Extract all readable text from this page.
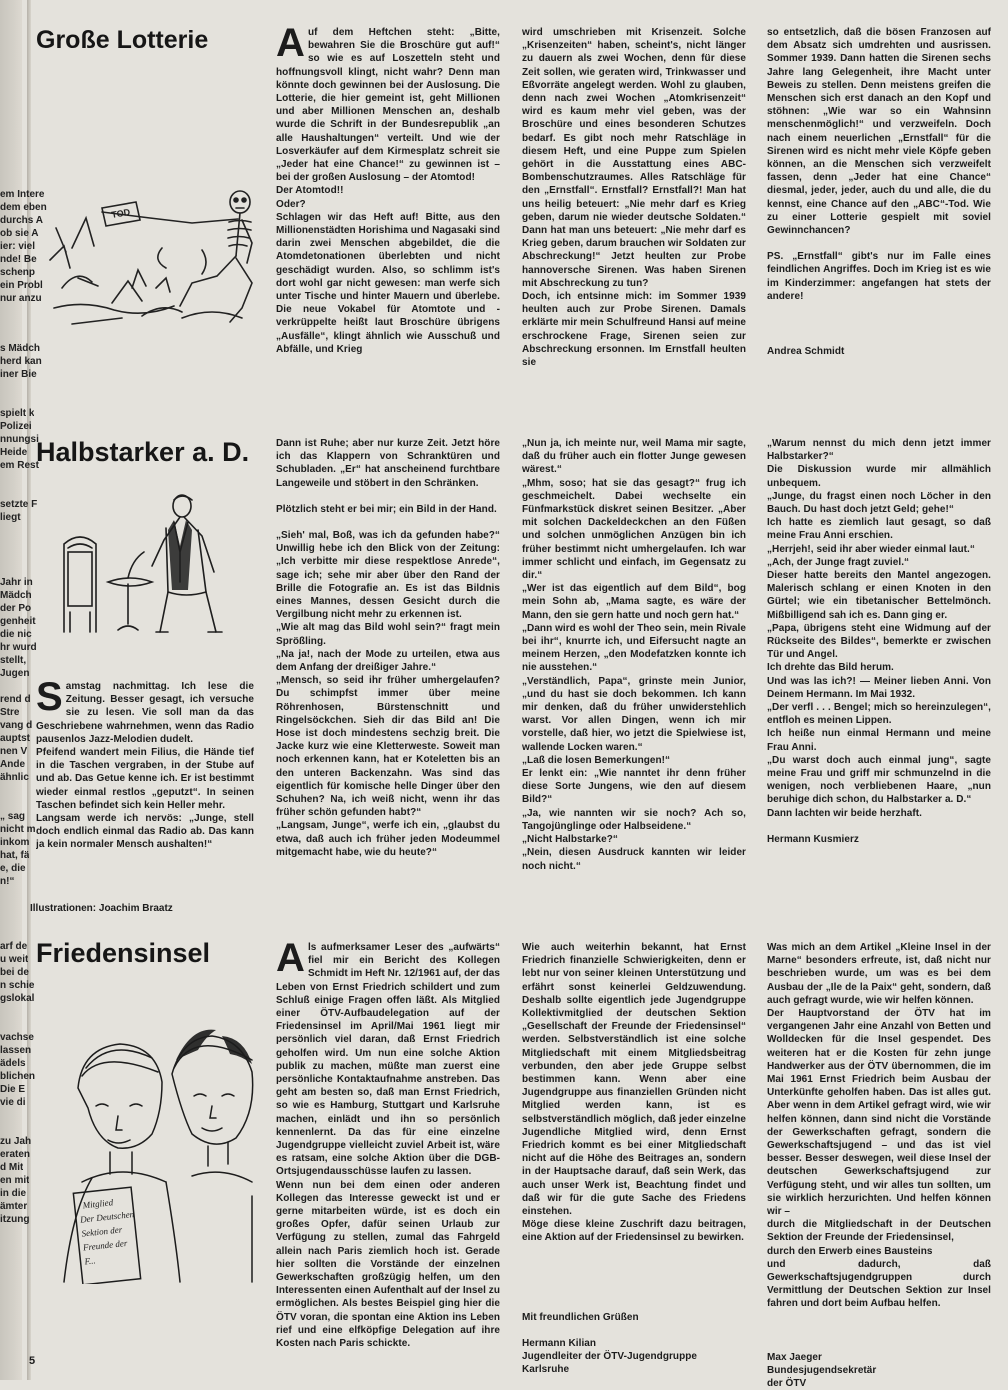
em Intere
dem eben
durchs A
ob sie A
ier: viel
nde! Be
schenp
ein Probl
nur anzu
Große Lotterie
TOD

Auf dem Heftchen steht: „Bitte, bewahren Sie die Broschüre gut auf!“ so wie es auf Loszetteln steht und hoffnungsvoll klingt, nicht wahr? Denn man könnte doch gewinnen bei der Auslosung. Die Lotterie, die hier gemeint ist, geht Millionen und aber Millionen Menschen an, deshalb wurde die Schrift in der Bundesrepublik „an alle Haushaltungen“ verteilt. Und wie der Losverkäufer auf dem Kirmesplatz schreit sie „Jeder hat eine Chance!“ zu gewinnen ist – bei der großen Auslosung – der Atomtod!

Der Atomtod!!

Oder?

Schlagen wir das Heft auf! Bitte, aus den Millionenstädten Horishima und Nagasaki sind darin zwei Menschen abgebildet, die die Atomdetonationen überlebten und nicht geschädigt wurden. Also, so schlimm ist's dort wohl gar nicht gewesen: man werfe sich unter Tische und hinter Mauern und überlebe. Die neue Vokabel für Atomtote und -verkrüppelte heißt laut Broschüre übrigens „Ausfälle“, klingt ähnlich wie Ausschuß und Abfälle, und Krieg

wird umschrieben mit Krisenzeit. Solche „Krisenzeiten“ haben, scheint's, nicht länger zu dauern als zwei Wochen, denn für diese Zeit sollen, wie geraten wird, Trinkwasser und Eßvorräte angelegt werden. Wohl zu glauben, denn nach zwei Wochen „Atomkrisenzeit“ wird es kaum mehr viel geben, was der Broschüre und eines besonderen Schutzes bedarf. Es gibt noch mehr Ratschläge in diesem Heft, und eine Puppe zum Spielen gehört in die Ausstattung eines ABC-Bombenschutzraumes. Alles Ratschläge für den „Ernstfall“. Ernstfall? Ernstfall?! Man hat uns heilig beteuert: „Nie mehr darf es Krieg geben, darum nie wieder deutsche Soldaten.“ Dann hat man uns beteuert: „Nie mehr darf es Krieg geben, darum brauchen wir Soldaten zur Abschreckung!“ Jetzt heulten zur Probe hannoversche Sirenen. Was haben Sirenen mit Abschreckung zu tun?

Doch, ich entsinne mich: im Sommer 1939 heulten auch zur Probe Sirenen. Damals erklärte mir mein Schulfreund Hansi auf meine erschrockene Frage, Sirenen seien zur Abschreckung ersonnen. Im Ernstfall heulten sie

so entsetzlich, daß die bösen Franzosen auf dem Absatz sich umdrehten und ausrissen. Sommer 1939. Dann hatten die Sirenen sechs Jahre lang Gelegenheit, ihre Macht unter Beweis zu stellen. Denn meistens greifen die Menschen sich erst danach an den Kopf und stöhnen: „Wie war so ein Wahnsinn menschenmöglich!“ und verzweifeln. Doch nach einem neuerlichen „Ernstfall“ für die Sirenen wird es nicht mehr viele Köpfe geben können, an die Menschen sich verzweifelt fassen, denn „Jeder hat eine Chance“ diesmal, jeder, jeder, auch du und alle, die du kennst, eine Chance auf den „ABC“-Tod. Wie zu einer Lotterie gespielt mit soviel Gewinnchancen?

PS. „Ernstfall“ gibt's nur im Falle eines feindlichen Angriffes. Doch im Krieg ist es wie im Kinderzimmer: angefangen hat stets der andere!

Andrea Schmidt

s Mädch
herd kan
iner Bie
spielt k
Polizei
nnungsi
Heide
em Rest
setzte F
liegt
Jahr in
Mädch
der Po
genheit
die nic
hr wurd
stellt,
Jugen
rend d
Stre
vang d
auptst
nen V
Ande
ähnlic
„ sag
nicht m
inkom
hat, fä
e, die
n!“
Halbstarker a. D.

Samstag nachmittag. Ich lese die Zeitung. Besser gesagt, ich versuche sie zu lesen. Vie soll man da das Geschriebene wahrnehmen, wenn das Radio pausenlos Jazz-Melodien dudelt.

Pfeifend wandert mein Filius, die Hände tief in die Taschen vergraben, in der Stube auf und ab. Das Getue kenne ich. Er ist bestimmt wieder einmal restlos „geputzt“. In seinen Taschen befindet sich kein Heller mehr.

Langsam werde ich nervös: „Junge, stell doch endlich einmal das Radio ab. Das kann ja kein normaler Mensch aushalten!“

Dann ist Ruhe; aber nur kurze Zeit. Jetzt höre ich das Klappern von Schranktüren und Schubladen. „Er“ hat anscheinend furchtbare Langeweile und stöbert in den Schränken.

Plötzlich steht er bei mir; ein Bild in der Hand.

„Sieh' mal, Boß, was ich da gefunden habe?“ Unwillig hebe ich den Blick von der Zeitung: „Ich verbitte mir diese respektlose Anrede“, sage ich; sehe mir aber über den Rand der Brille die Fotografie an. Es ist das Bildnis eines Mannes, dessen Gesicht durch die Vergilbung nicht mehr zu erkennen ist.

„Wie alt mag das Bild wohl sein?“ fragt mein Sprößling.

„Na ja!, nach der Mode zu urteilen, etwa aus dem Anfang der dreißiger Jahre.“

„Mensch, so seid ihr früher umhergelaufen? Du schimpfst immer über meine Röhrenhosen, Bürstenschnitt und Ringelsöckchen. Sieh dir das Bild an! Die Hose ist doch mindestens sechzig breit. Die Jacke kurz wie eine Kletterweste. Soweit man noch erkennen kann, hat er Koteletten bis an den unteren Backenzahn. Was sind das eigentlich für komische helle Dinger über den Schuhen? Na, ich weiß nicht, wenn ihr das früher schön gefunden habt?“

„Langsam, Junge“, werfe ich ein, „glaubst du etwa, daß auch ich früher jeden Modeummel mitgemacht habe, wie du heute?“

„Nun ja, ich meinte nur, weil Mama mir sagte, daß du früher auch ein flotter Junge gewesen wärest.“

„Mhm, soso; hat sie das gesagt?“ frug ich geschmeichelt. Dabei wechselte ein Fünfmarkstück diskret seinen Besitzer. „Aber mit solchen Dackeldeckchen an den Füßen und solchen unmöglichen Anzügen bin ich früher bestimmt nicht umhergelaufen. Ich war immer schlicht und einfach, im Gegensatz zu dir.“

„Wer ist das eigentlich auf dem Bild“, bog mein Sohn ab, „Mama sagte, es wäre der Mann, den sie gern hatte und noch gern hat.“

„Dann wird es wohl der Theo sein, mein Rivale bei ihr“, knurrte ich, und Eifersucht nagte an meinem Herzen, „den Modefatzken konnte ich nie ausstehen.“

„Verständlich, Papa“, grinste mein Junior, „und du hast sie doch bekommen. Ich kann mir denken, daß du früher unwiderstehlich warst. Vor allen Dingen, wenn ich mir vorstelle, daß hier, wo jetzt die Spielwiese ist, wallende Locken waren.“

„Laß die losen Bemerkungen!“

Er lenkt ein: „Wie nanntet ihr denn früher diese Sorte Jungens, wie den auf diesem Bild?“

„Ja, wie nannten wir sie noch? Ach so, Tangojünglinge oder Halbseidene.“

„Nicht Halbstarke?“

„Nein, diesen Ausdruck kannten wir leider noch nicht.“

„Warum nennst du mich denn jetzt immer Halbstarker?“

Die Diskussion wurde mir allmählich unbequem.

„Junge, du fragst einen noch Löcher in den Bauch. Du hast doch jetzt Geld; gehe!“

Ich hatte es ziemlich laut gesagt, so daß meine Frau Anni erschien.

„Herrjeh!, seid ihr aber wieder einmal laut.“

„Ach, der Junge fragt zuviel.“

Dieser hatte bereits den Mantel angezogen. Malerisch schlang er einen Knoten in den Gürtel; wie ein tibetanischer Bettelmönch. Mißbilligend sah ich es. Dann ging er.

„Papa, übrigens steht eine Widmung auf der Rückseite des Bildes“, bemerkte er zwischen Tür und Angel.

Ich drehte das Bild herum.

Und was las ich?! — Meiner lieben Anni. Von Deinem Hermann. Im Mai 1932.

„Der verfl . . . Bengel; mich so hereinzulegen“, entfloh es meinen Lippen.

Ich heiße nun einmal Hermann und meine Frau Anni.

„Du warst doch auch einmal jung“, sagte meine Frau und griff mir schmunzelnd in die wenigen, noch verbliebenen Haare, „nun beruhige dich schon, du Halbstarker a. D.“

Dann lachten wir beide herzhaft.

Hermann Kusmierz

Illustrationen: Joachim Braatz
arf de
u weit
bei de
n schie
gslokal
vachse
lassen
ädels
blichen
Die E
vie di
zu Jah
eraten
d Mit
en mit
in die
ämter
itzung
Friedensinsel
Mitglied
Der Deutschen
Sektion der
Freunde der
F...

Als aufmerksamer Leser des „aufwärts“ fiel mir ein Bericht des Kollegen Schmidt im Heft Nr. 12/1961 auf, der das Leben von Ernst Friedrich schildert und zum Schluß einige Fragen offen läßt. Als Mitglied einer ÖTV-Aufbaudelegation auf der Friedensinsel im April/Mai 1961 liegt mir persönlich viel daran, daß Ernst Friedrich geholfen wird. Um nun eine solche Aktion publik zu machen, müßte man zuerst eine persönliche Kontaktaufnahme anstreben. Das geht am besten so, daß man Ernst Friedrich, so wie es Hamburg, Stuttgart und Karlsruhe machen, einlädt und ihn so persönlich kennenlernt. Da das für eine einzelne Jugendgruppe vielleicht zuviel Arbeit ist, wäre es ratsam, eine solche Aktion über die DGB-Ortsjugendausschüsse laufen zu lassen.

Wenn nun bei dem einen oder anderen Kollegen das Interesse geweckt ist und er gerne mitarbeiten würde, ist es doch ein großes Opfer, dafür seinen Urlaub zur Verfügung zu stellen, zumal das Fahrgeld allein nach Paris ziemlich hoch ist. Gerade hier sollten die Vorstände der einzelnen Gewerkschaften großzügig helfen, um den Interessenten einen Aufenthalt auf der Insel zu ermöglichen. Als bestes Beispiel ging hier die ÖTV voran, die spontan eine Aktion ins Leben rief und eine elfköpfige Delegation auf ihre Kosten nach Paris schickte.

Wie auch weiterhin bekannt, hat Ernst Friedrich finanzielle Schwierigkeiten, denn er lebt nur von seiner kleinen Unterstützung und erfährt sonst keinerlei Geldzuwendung. Deshalb sollte eigentlich jede Jugendgruppe Kollektivmitglied der deutschen Sektion „Gesellschaft der Freunde der Friedensinsel“ werden. Selbstverständlich ist eine solche Mitgliedschaft mit einem Mitgliedsbeitrag verbunden, den aber jede Gruppe selbst bestimmen kann. Wenn aber eine Jugendgruppe aus finanziellen Gründen nicht Mitglied werden kann, ist es selbstverständlich möglich, daß jeder einzelne Jugendliche Mitglied wird, denn Ernst Friedrich kommt es bei einer Mitgliedschaft nicht auf die Höhe des Beitrages an, sondern in der Hauptsache darauf, daß sein Werk, das auch unser Werk ist, Beachtung findet und daß wir für die gute Sache des Friedens einstehen.

Möge diese kleine Zuschrift dazu beitragen, eine Aktion auf der Friedensinsel zu bewirken.

Mit freundlichen Grüßen
Hermann Kilian
Jugendleiter der ÖTV-Jugendgruppe
Karlsruhe

Was mich an dem Artikel „Kleine Insel in der Marne“ besonders erfreute, ist, daß nicht nur beschrieben wurde, um was es bei dem Ausbau der „Ile de la Paix“ geht, sondern, daß auch gefragt wurde, wie wir helfen können.

Der Hauptvorstand der ÖTV hat im vergangenen Jahr eine Anzahl von Betten und Wolldecken für die Insel gespendet. Des weiteren hat er die Kosten für zehn junge Handwerker aus der ÖTV übernommen, die im Mai 1961 Ernst Friedrich beim Ausbau der Unterkünfte geholfen haben. Das ist alles gut. Aber wenn in dem Artikel gefragt wird, wie wir helfen können, dann sind nicht die Vorstände der Gewerkschaften gefragt, sondern die Gewerkschaftsjugend – und das ist viel besser. Besser deswegen, weil diese Insel der deutschen Gewerkschaftsjugend zur Verfügung steht, und wir alles tun sollten, um sie wirklich herzurichten. Und helfen können wir –

durch die Mitgliedschaft in der Deutschen Sektion der Freunde der Friedensinsel,

durch den Erwerb eines Bausteins

und dadurch, daß Gewerkschaftsjugendgruppen durch Vermittlung der Deutschen Sektion zur Insel fahren und dort beim Aufbau helfen.

Max Jaeger
Bundesjugendsekretär
der ÖTV
5
